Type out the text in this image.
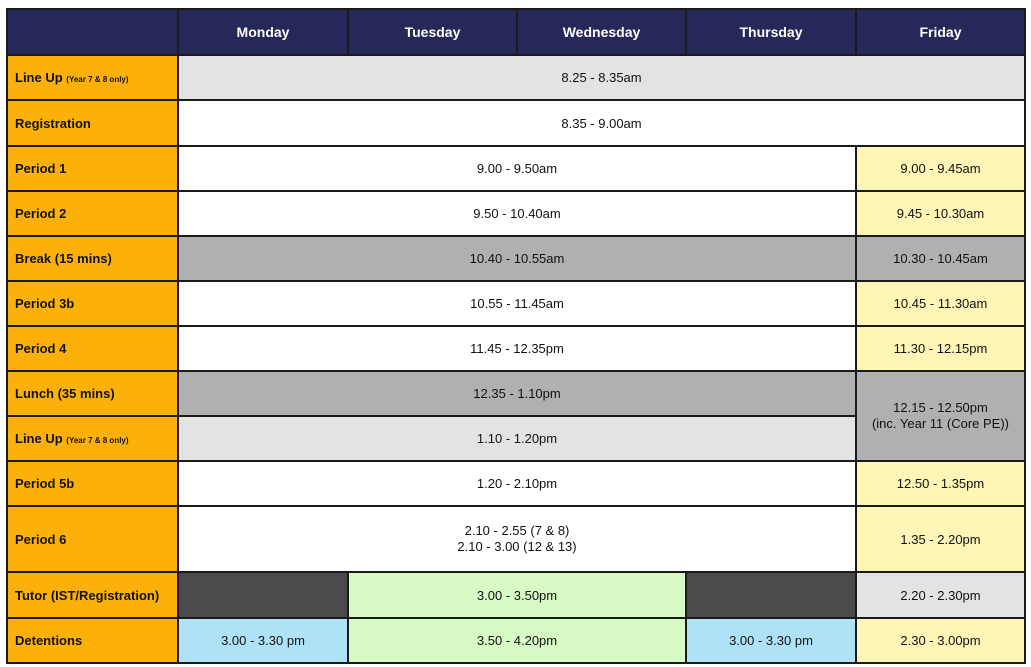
	Monday	Tuesday	Wednesday	Thursday	Friday
Line Up (Year 7 & 8 only)	8.25 - 8.35am				
Registration	8.35 - 9.00am				
Period 1	9.00 - 9.50am				9.00 - 9.45am
Period 2	9.50 - 10.40am				9.45 - 10.30am
Break (15 mins)	10.40 - 10.55am				10.30 - 10.45am
Period 3b	10.55 - 11.45am				10.45 - 11.30am
Period 4	11.45 - 12.35pm				11.30 - 12.15pm
Lunch (35 mins)	12.35 - 1.10pm				12.15 - 12.50pm
(inc. Year 11 (Core PE))

Line Up (Year 7 & 8 only)	1.10 - 1.20pm				
Period 5b	1.20 - 2.10pm				12.50 - 1.35pm
Period 6	2.10 - 2.55 (7 & 8)
2.10 - 3.00 (12 & 13)				1.35 - 2.20pm
Tutor (IST/Registration)		3.00 - 3.50pm			2.20 - 2.30pm
Detentions	3.00 - 3.30 pm	3.50 - 4.20pm		3.00 - 3.30 pm	2.30 - 3.00pm
